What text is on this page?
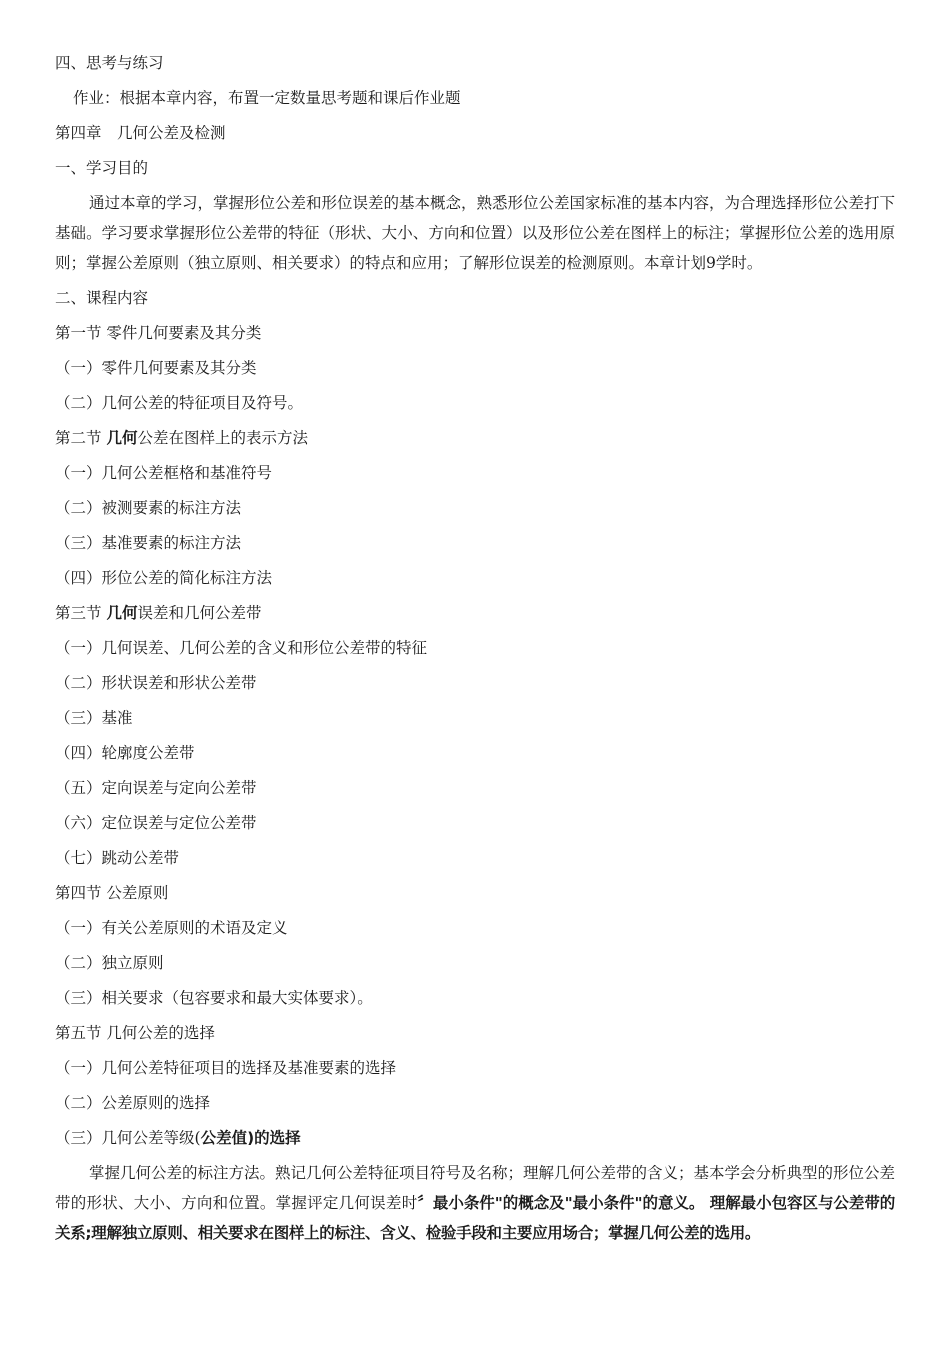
四、思考与练习
作业：根据本章内容，布置一定数量思考题和课后作业题
第四章　几何公差及检测
一、学习目的
通过本章的学习，掌握形位公差和形位误差的基本概念，熟悉形位公差国家标准的基本内容，为合理选择形位公差打下基础。学习要求掌握形位公差带的特征（形状、大小、方向和位置）以及形位公差在图样上的标注；掌握形位公差的选用原则；掌握公差原则（独立原则、相关要求）的特点和应用；了解形位误差的检测原则。本章计划9学时。
二、课程内容
第一节 零件几何要素及其分类
（一）零件几何要素及其分类
（二）几何公差的特征项目及符号。
第二节 几何公差在图样上的表示方法
（一）几何公差框格和基准符号
（二）被测要素的标注方法
（三）基准要素的标注方法
（四）形位公差的简化标注方法
第三节 几何误差和几何公差带
（一）几何误差、几何公差的含义和形位公差带的特征
（二）形状误差和形状公差带
（三）基准
（四）轮廓度公差带
（五）定向误差与定向公差带
（六）定位误差与定位公差带
（七）跳动公差带
第四节 公差原则
（一）有关公差原则的术语及定义
（二）独立原则
（三）相关要求（包容要求和最大实体要求）。
第五节 几何公差的选择
（一）几何公差特征项目的选择及基准要素的选择
（二）公差原则的选择
（三）几何公差等级(公差值)的选择
掌握几何公差的标注方法。熟记几何公差特征项目符号及名称；理解几何公差带的含义；基本学会分析典型的形位公差带的形状、大小、方向和位置。掌握评定几何误差时〞最小条件"的概念及"最小条件"的意义。 理解最小包容区与公差带的关系;理解独立原则、相关要求在图样上的标注、含义、检验手段和主要应用场合；掌握几何公差的选用。
